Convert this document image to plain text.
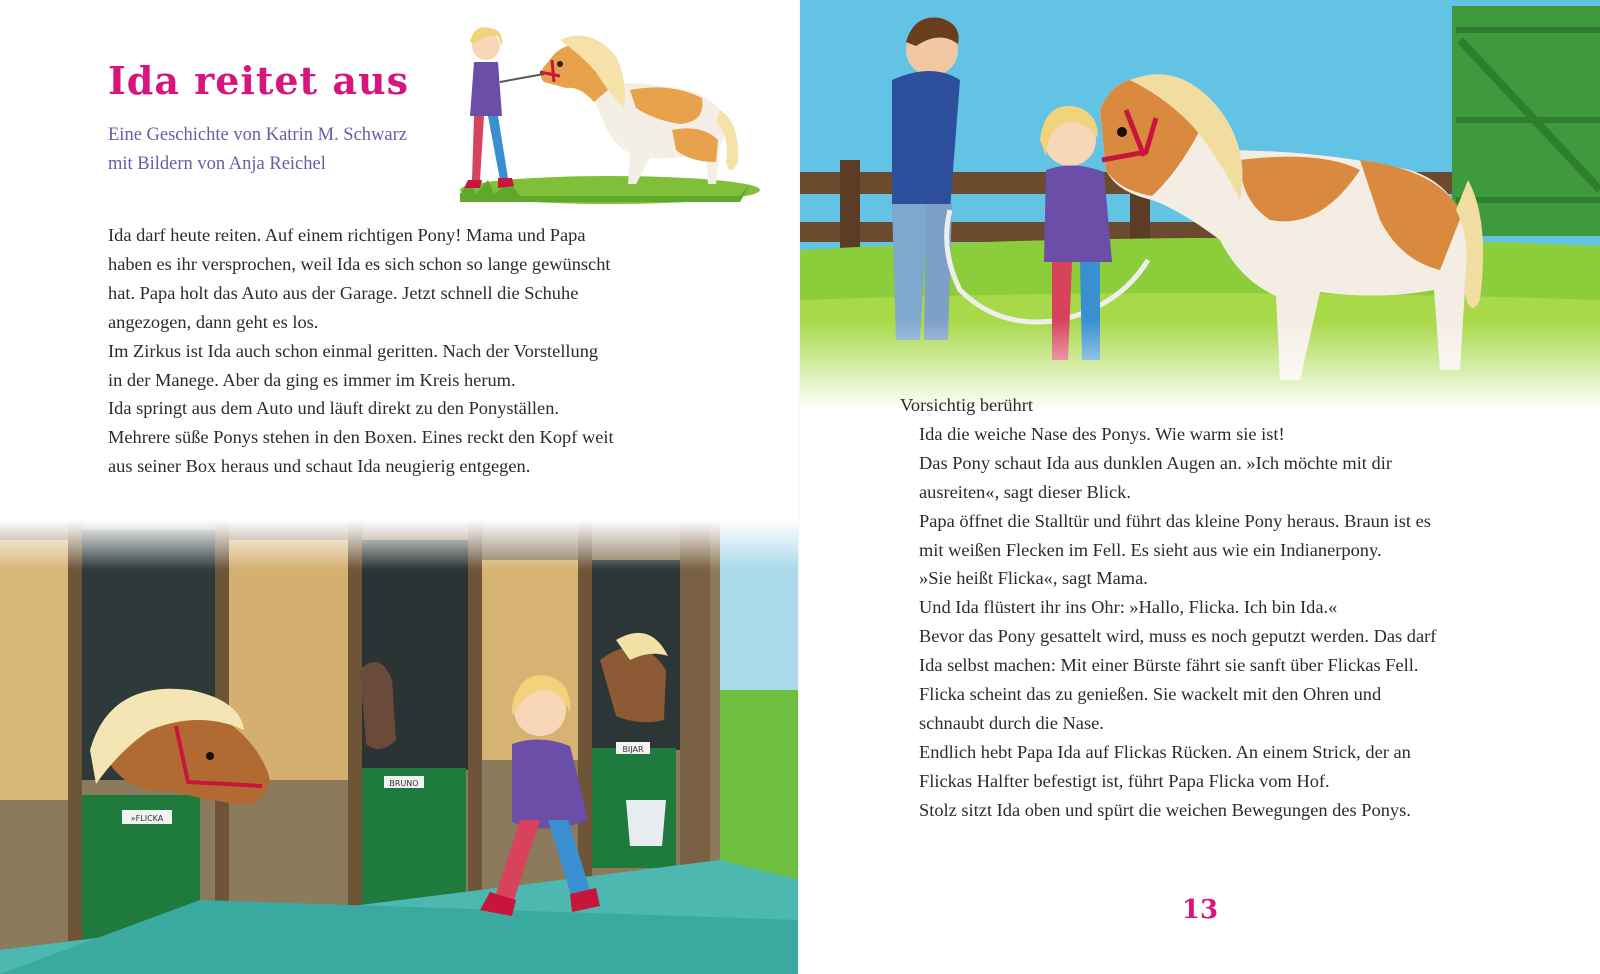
Ida reitet aus
Eine Geschichte von Katrin M. Schwarz
mit Bildern von Anja Reichel
Ida darf heute reiten. Auf einem richtigen Pony! Mama und Papa
haben es ihr versprochen, weil Ida es sich schon so lange gewünscht
hat. Papa holt das Auto aus der Garage. Jetzt schnell die Schuhe
angezogen, dann geht es los.
Im Zirkus ist Ida auch schon einmal geritten. Nach der Vorstellung
in der Manege. Aber da ging es immer im Kreis herum.
Ida springt aus dem Auto und läuft direkt zu den Ponyställen.
Mehrere süße Ponys stehen in den Boxen. Eines reckt den Kopf weit
aus seiner Box heraus und schaut Ida neugierig entgegen.
»FLICKA
BRUNO
BIJAR
Vorsichtig berührt
Ida die weiche Nase des Ponys. Wie warm sie ist!
Das Pony schaut Ida aus dunklen Augen an. »Ich möchte mit dir
ausreiten«, sagt dieser Blick.
Papa öffnet die Stalltür und führt das kleine Pony heraus. Braun ist es
mit weißen Flecken im Fell. Es sieht aus wie ein Indianerpony.
»Sie heißt Flicka«, sagt Mama.
Und Ida flüstert ihr ins Ohr: »Hallo, Flicka. Ich bin Ida.«
Bevor das Pony gesattelt wird, muss es noch geputzt werden. Das darf
Ida selbst machen: Mit einer Bürste fährt sie sanft über Flickas Fell.
Flicka scheint das zu genießen. Sie wackelt mit den Ohren und
schnaubt durch die Nase.
Endlich hebt Papa Ida auf Flickas Rücken. An einem Strick, der an
Flickas Halfter befestigt ist, führt Papa Flicka vom Hof.
Stolz sitzt Ida oben und spürt die weichen Bewegungen des Ponys.
13
